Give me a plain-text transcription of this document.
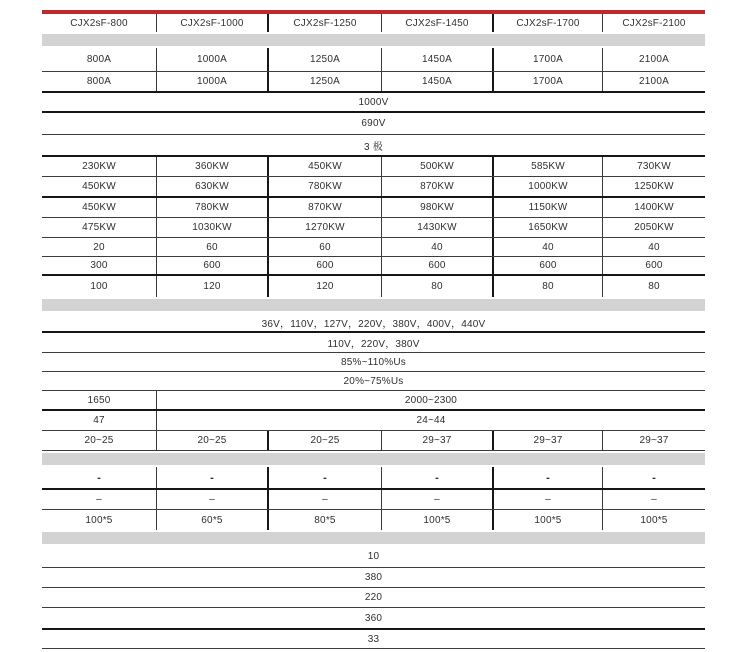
CJX2sF-800	CJX2sF-1000	CJX2sF-1250	CJX2sF-1450	CJX2sF-1700	CJX2sF-2100
800A	1000A	1250A	1450A	1700A	2100A
800A	1000A	1250A	1450A	1700A	2100A
1000V
690V
3 极
230KW	360KW	450KW	500KW	585KW	730KW
450KW	630KW	780KW	870KW	1000KW	1250KW
450KW	780KW	870KW	980KW	1150KW	1400KW
475KW	1030KW	1270KW	1430KW	1650KW	2050KW
20	60	60	40	40	40
300	600	600	600	600	600
100	120	120	80	80	80
36V，110V，127V，220V，380V，400V，440V
110V，220V，380V
85%~110%Us
20%~75%Us
1650	2000~2300
47	24~44
20~25	20~25	20~25	29~37	29~37	29~37
-	-	-	-	-	-
–	–	–	–	–	–
100*5	60*5	80*5	100*5	100*5	100*5
10
380
220
360
33
